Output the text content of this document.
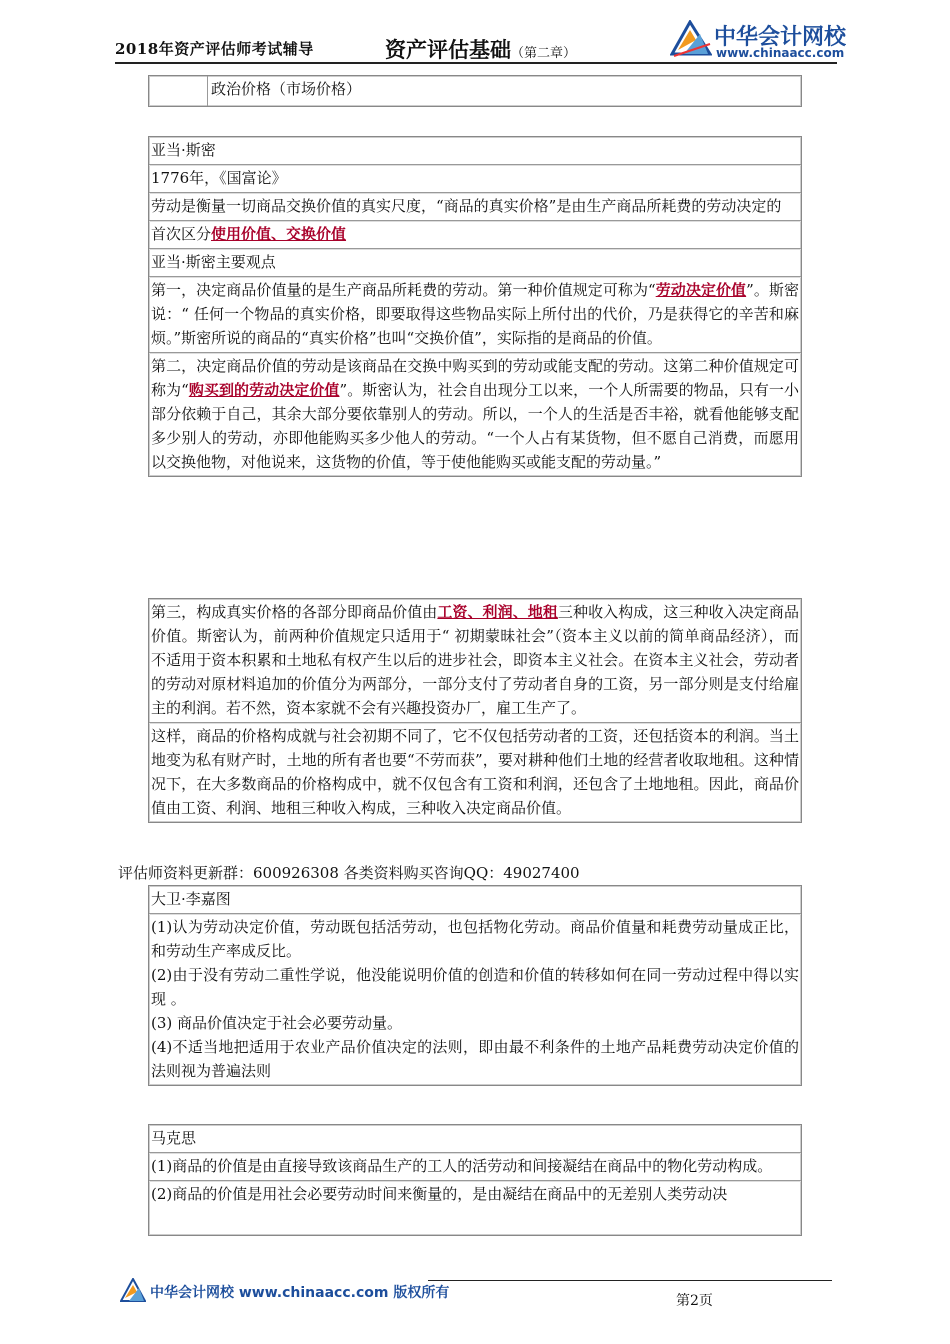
2018年资产评估师考试辅导	资产评估基础（第二章）
中华会计网校
www.chinaacc.com
政治价格（市场价格）
亚当·斯密
1776年，《国富论》
劳动是衡量一切商品交换价值的真实尺度，“商品的真实价格”是由生产商品所耗费的劳动决定的
首次区分使用价值、交换价值
亚当·斯密主要观点
第一，决定商品价值量的是生产商品所耗费的劳动。第一种价值规定可称为“劳动决定价值”。斯密说：“ 任何一个物品的真实价格，即要取得这些物品实际上所付出的代价，乃是获得它的辛苦和麻烦。”斯密所说的商品的“真实价格”也叫“交换价值”，实际指的是商品的价值。
第二，决定商品价值的劳动是该商品在交换中购买到的劳动或能支配的劳动。这第二种价值规定可称为“购买到的劳动决定价值”。斯密认为，社会自出现分工以来，一个人所需要的物品，只有一小部分依赖于自己，其余大部分要依靠别人的劳动。所以，一个人的生活是否丰裕，就看他能够支配多少别人的劳动，亦即他能购买多少他人的劳动。“一个人占有某货物，但不愿自己消费，而愿用以交换他物，对他说来，这货物的价值，等于使他能购买或能支配的劳动量。”
第三，构成真实价格的各部分即商品价值由工资、利润、地租三种收入构成，这三种收入决定商品价值。斯密认为，前两种价值规定只适用于“ 初期蒙昧社会”（资本主义以前的简单商品经济），而不适用于资本积累和土地私有权产生以后的进步社会，即资本主义社会。在资本主义社会，劳动者的劳动对原材料追加的价值分为两部分，一部分支付了劳动者自身的工资，另一部分则是支付给雇主的利润。若不然，资本家就不会有兴趣投资办厂，雇工生产了。
这样，商品的价格构成就与社会初期不同了，它不仅包括劳动者的工资，还包括资本的利润。当土地变为私有财产时，土地的所有者也要“不劳而获”，要对耕种他们土地的经营者收取地租。这种情况下，在大多数商品的价格构成中，就不仅包含有工资和利润，还包含了土地地租。因此，商品价值由工资、利润、地租三种收入构成，三种收入决定商品价值。
评估师资料更新群：600926308 各类资料购买咨询QQ：49027400
大卫·李嘉图
(1)认为劳动决定价值，劳动既包括活劳动，也包括物化劳动。商品价值量和耗费劳动量成正比，和劳动生产率成反比。
(2)由于没有劳动二重性学说，他没能说明价值的创造和价值的转移如何在同一劳动过程中得以实现 。
(3) 商品价值决定于社会必要劳动量。
(4)不适当地把适用于农业产品价值决定的法则，即由最不利条件的土地产品耗费劳动决定价值的法则视为普遍法则
马克思
(1)商品的价值是由直接导致该商品生产的工人的活劳动和间接凝结在商品中的物化劳动构成。
(2)商品的价值是用社会必要劳动时间来衡量的，是由凝结在商品中的无差别人类劳动决
中华会计网校 www.chinaacc.com 版权所有	第2页
